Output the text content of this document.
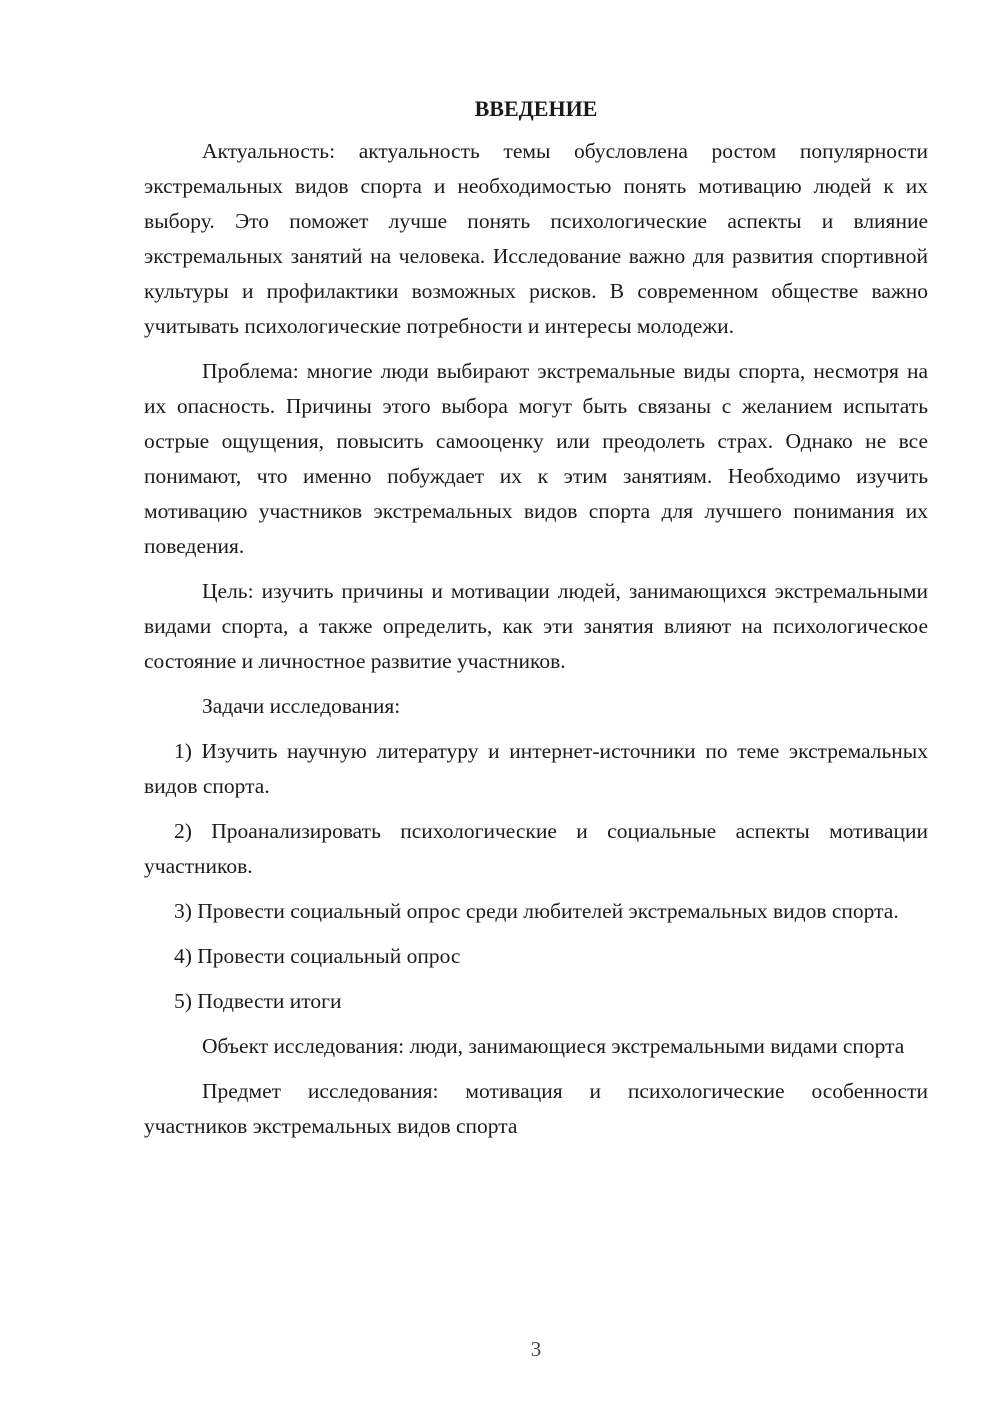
ВВЕДЕНИЕ

Актуальность: актуальность темы обусловлена ростом популярности экстремальных видов спорта и необходимостью понять мотивацию людей к их выбору. Это поможет лучше понять психологические аспекты и влияние экстремальных занятий на человека. Исследование важно для развития спортивной культуры и профилактики возможных рисков. В современном обществе важно учитывать психологические потребности и интересы молодежи.

Проблема: многие люди выбирают экстремальные виды спорта, несмотря на их опасность. Причины этого выбора могут быть связаны с желанием испытать острые ощущения, повысить самооценку или преодолеть страх. Однако не все понимают, что именно побуждает их к этим занятиям. Необходимо изучить мотивацию участников экстремальных видов спорта для лучшего понимания их поведения.

Цель: изучить причины и мотивации людей, занимающихся экстремальными видами спорта, а также определить, как эти занятия влияют на психологическое состояние и личностное развитие участников.

Задачи исследования:

1) Изучить научную литературу и интернет-источники по теме экстремальных видов спорта.

2) Проанализировать психологические и социальные аспекты мотивации участников.

3) Провести социальный опрос среди любителей экстремальных видов спорта.

4) Провести социальный опрос

5) Подвести итоги

Объект исследования: люди, занимающиеся экстремальными видами спорта

Предмет исследования: мотивация и психологические особенности участников экстремальных видов спорта

3
